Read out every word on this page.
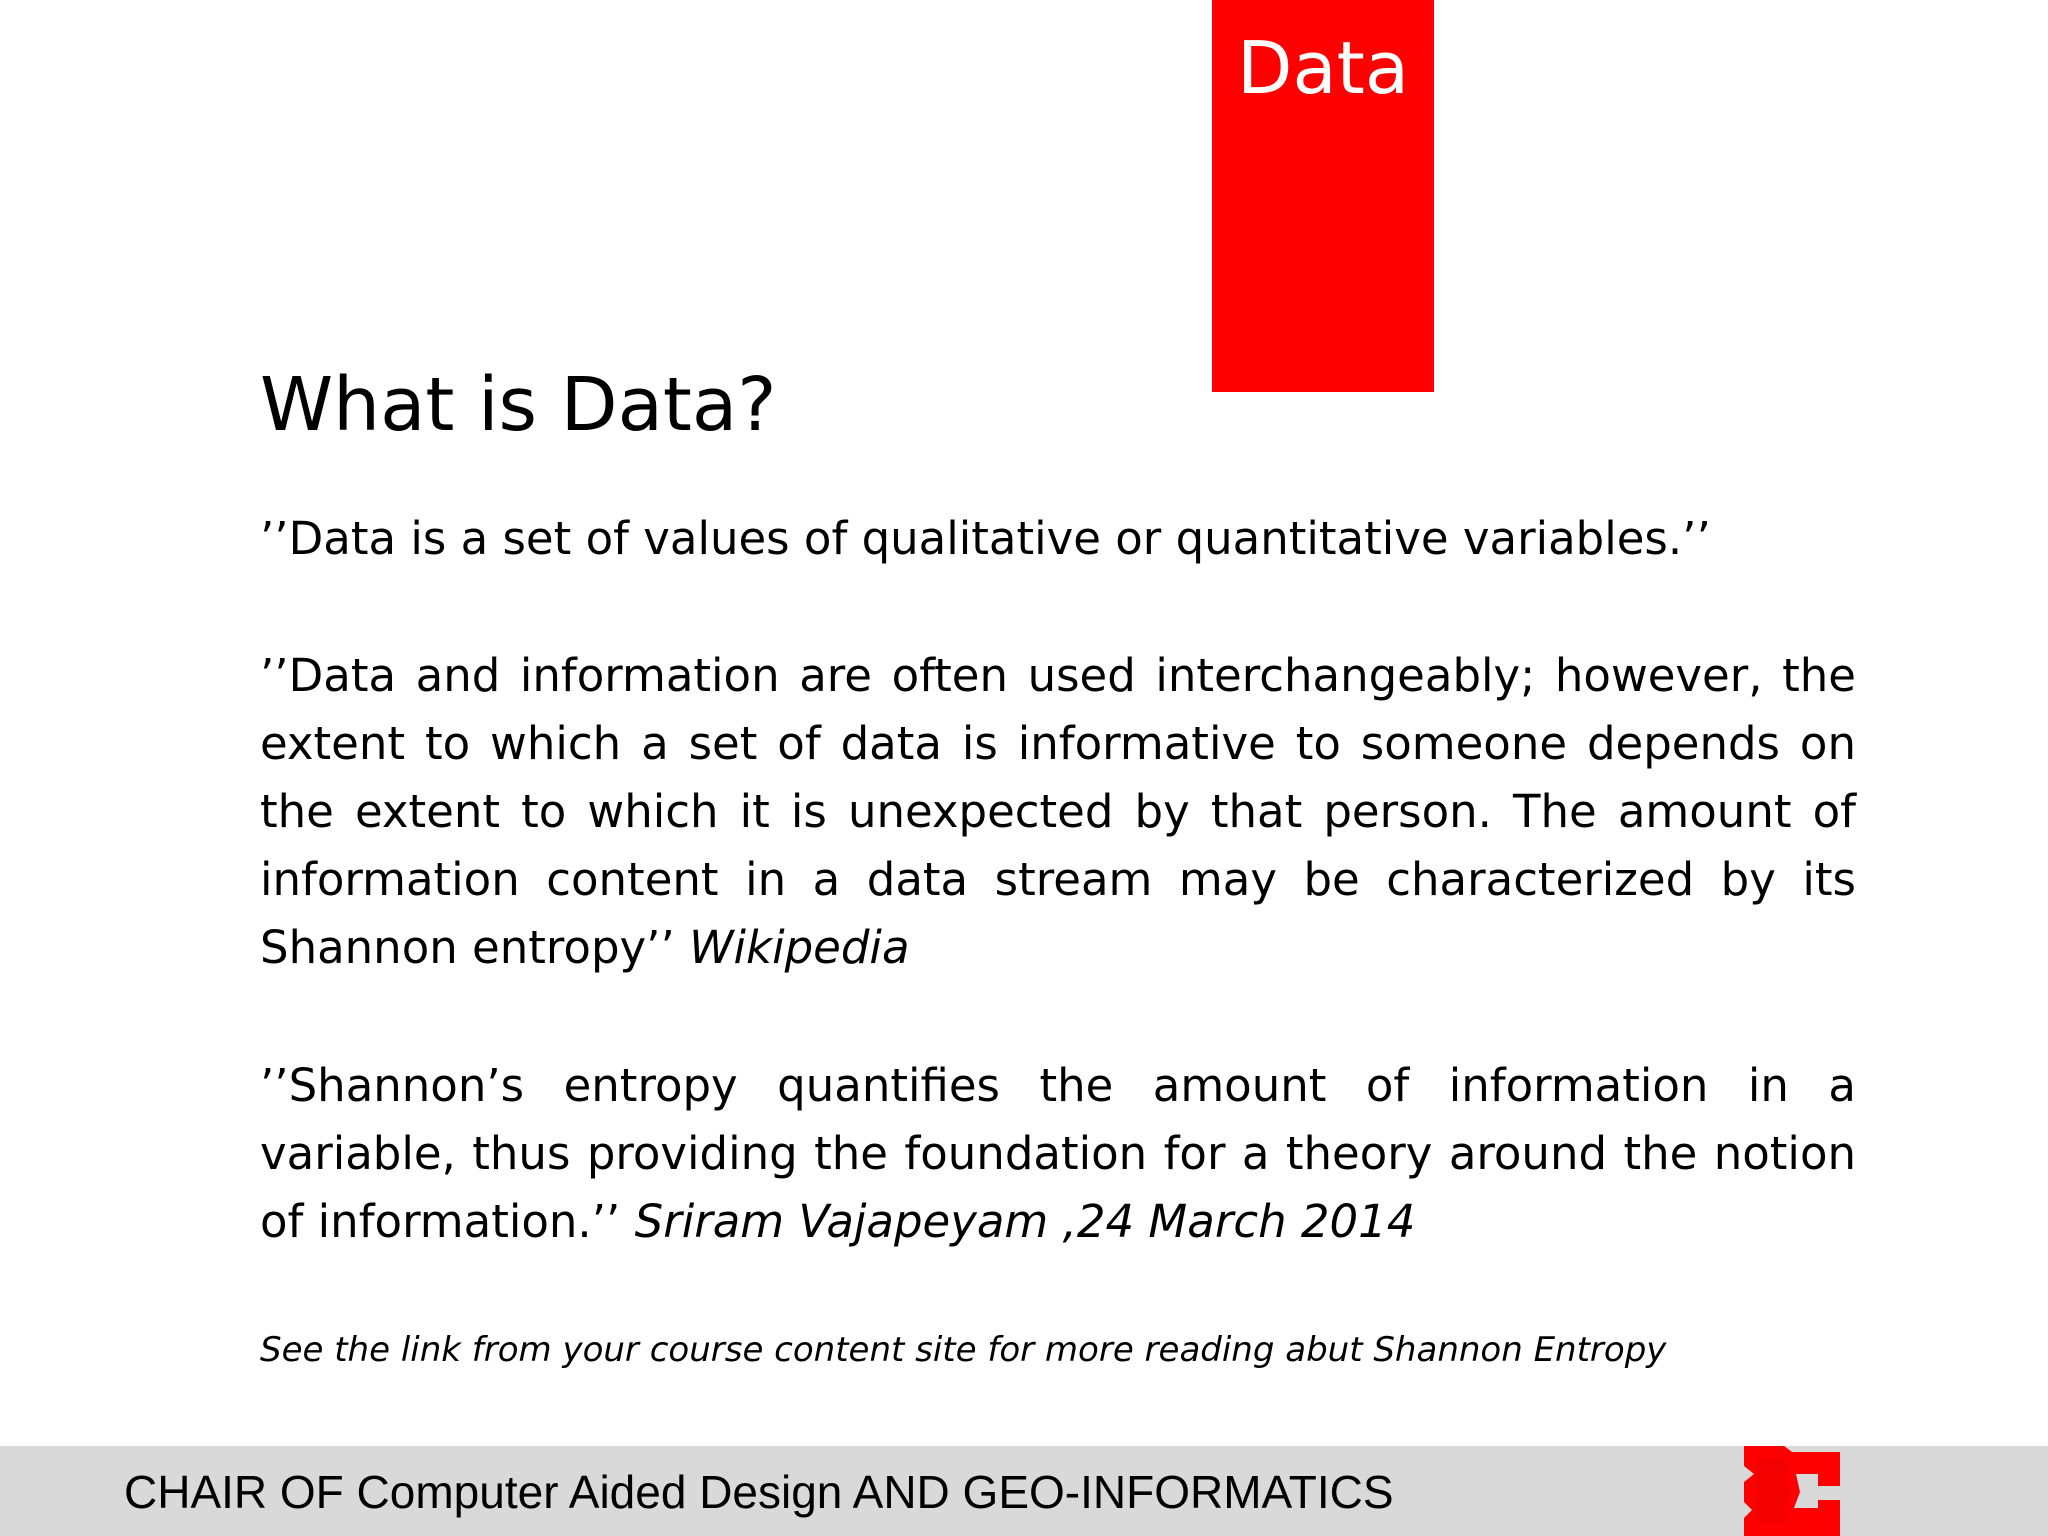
Data
What is Data?

’’Data is a set of values of qualitative or quantitative variables.’’

’’Data and information are often used interchangeably; however, the extent to which a set of data is informative to someone depends on the extent to which it is unexpected by that person. The amount of information content in a data stream may be characterized by its Shannon entropy’’ Wikipedia

’’Shannon’s entropy quantifies the amount of information in a variable, thus providing the foundation for a theory around the notion of information.’’ Sriram Vajapeyam ,24 March 2014

See the link from your course content site for more reading abut Shannon Entropy

CHAIR OF Computer Aided Design AND GEO-INFORMATICS
